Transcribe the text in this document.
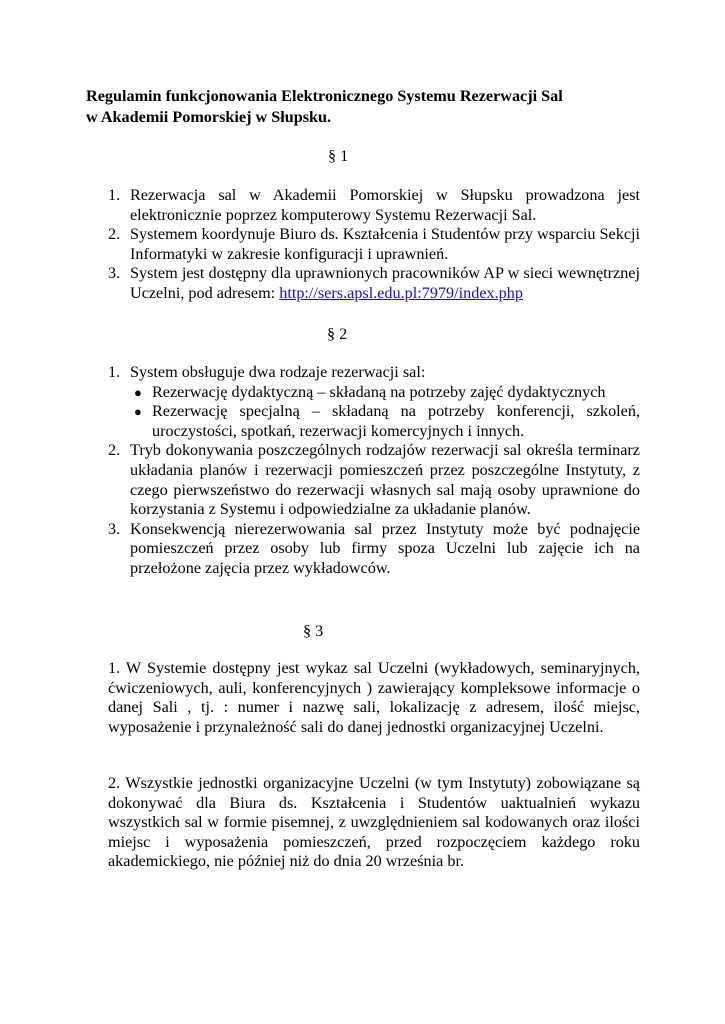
Regulamin funkcjonowania Elektronicznego Systemu Rezerwacji Sal
w Akademii Pomorskiej w Słupsku.
§ 1
1. Rezerwacja sal w Akademii Pomorskiej w Słupsku prowadzona jest elektronicznie poprzez komputerowy Systemu Rezerwacji Sal.
2. Systemem koordynuje Biuro ds. Kształcenia i Studentów przy wsparciu Sekcji Informatyki w zakresie konfiguracji i uprawnień.
3. System jest dostępny dla uprawnionych pracowników AP w sieci wewnętrznej Uczelni, pod adresem: http://sers.apsl.edu.pl:7979/index.php
§ 2
1. System obsługuje dwa rodzaje rezerwacji sal:
● Rezerwację dydaktyczną – składaną na potrzeby zajęć dydaktycznych
● Rezerwację specjalną – składaną na potrzeby konferencji, szkoleń, uroczystości, spotkań, rezerwacji komercyjnych i innych.
2. Tryb dokonywania poszczególnych rodzajów rezerwacji sal określa terminarz układania planów i rezerwacji pomieszczeń przez poszczególne Instytuty, z czego pierwszeństwo do rezerwacji własnych sal mają osoby uprawnione do korzystania z Systemu i odpowiedzialne za układanie planów.
3. Konsekwencją nierezerwowania sal przez Instytuty może być podnajęcie pomieszczeń przez osoby lub firmy spoza Uczelni lub zajęcie ich na przełożone zajęcia przez wykładowców.
§ 3
1. W Systemie dostępny jest wykaz sal Uczelni (wykładowych, seminaryjnych, ćwiczeniowych, auli, konferencyjnych ) zawierający kompleksowe informacje o danej Sali , tj. : numer i nazwę sali, lokalizację z adresem, ilość miejsc, wyposażenie i przynależność sali do danej jednostki organizacyjnej Uczelni.
2. Wszystkie jednostki organizacyjne Uczelni (w tym Instytuty) zobowiązane są dokonywać dla Biura ds. Kształcenia i Studentów uaktualnień wykazu wszystkich sal w formie pisemnej, z uwzględnieniem sal kodowanych oraz ilości miejsc i wyposażenia pomieszczeń, przed rozpoczęciem każdego roku akademickiego, nie później niż do dnia 20 września br.
